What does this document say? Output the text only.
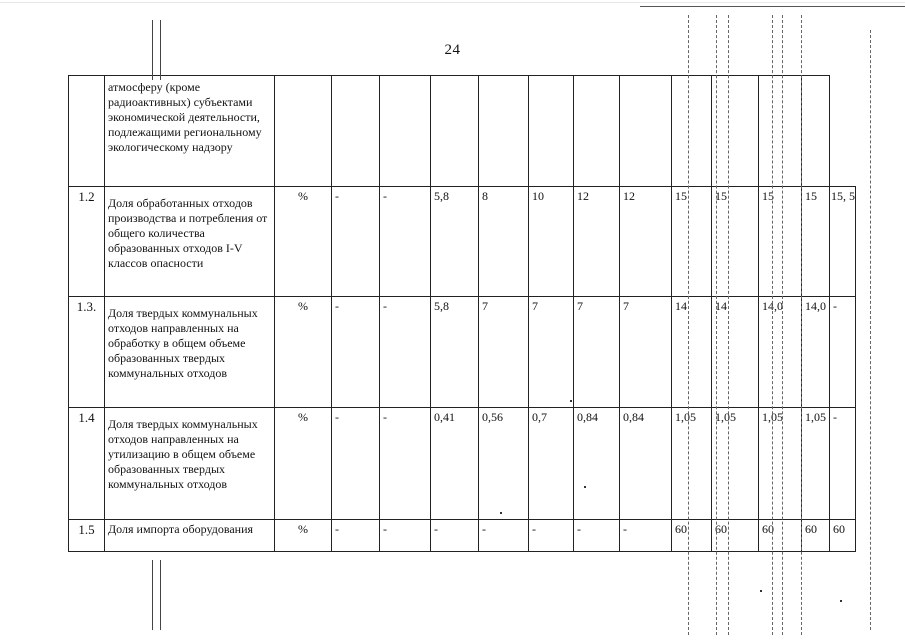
24
	атмосферу (кроме радиоактивных) субъектами экономической деятельности, подлежащими региональному экологическому надзору													
1.2	Доля обработанных отходов производства и потребления от общего количества образованных отходов I-V классов опасности	%	-	-	5,8	8	10	12	12	15	15	15	15	15, 5
1.3.	Доля твердых коммунальных отходов направленных на обработку в общем объеме образованных твердых коммунальных отходов	%	-	-	5,8	7	7	7	7	14	14	14,0	14,0	-
1.4	Доля твердых коммунальных отходов направленных на утилизацию в общем объеме образованных твердых коммунальных отходов	%	-	-	0,41	0,56	0,7	0,84	0,84	1,05	1,05	1,05	1,05	-
1.5	Доля импорта оборудования	%	-	-	-	-	-	-	-	60	60	60	60	60
